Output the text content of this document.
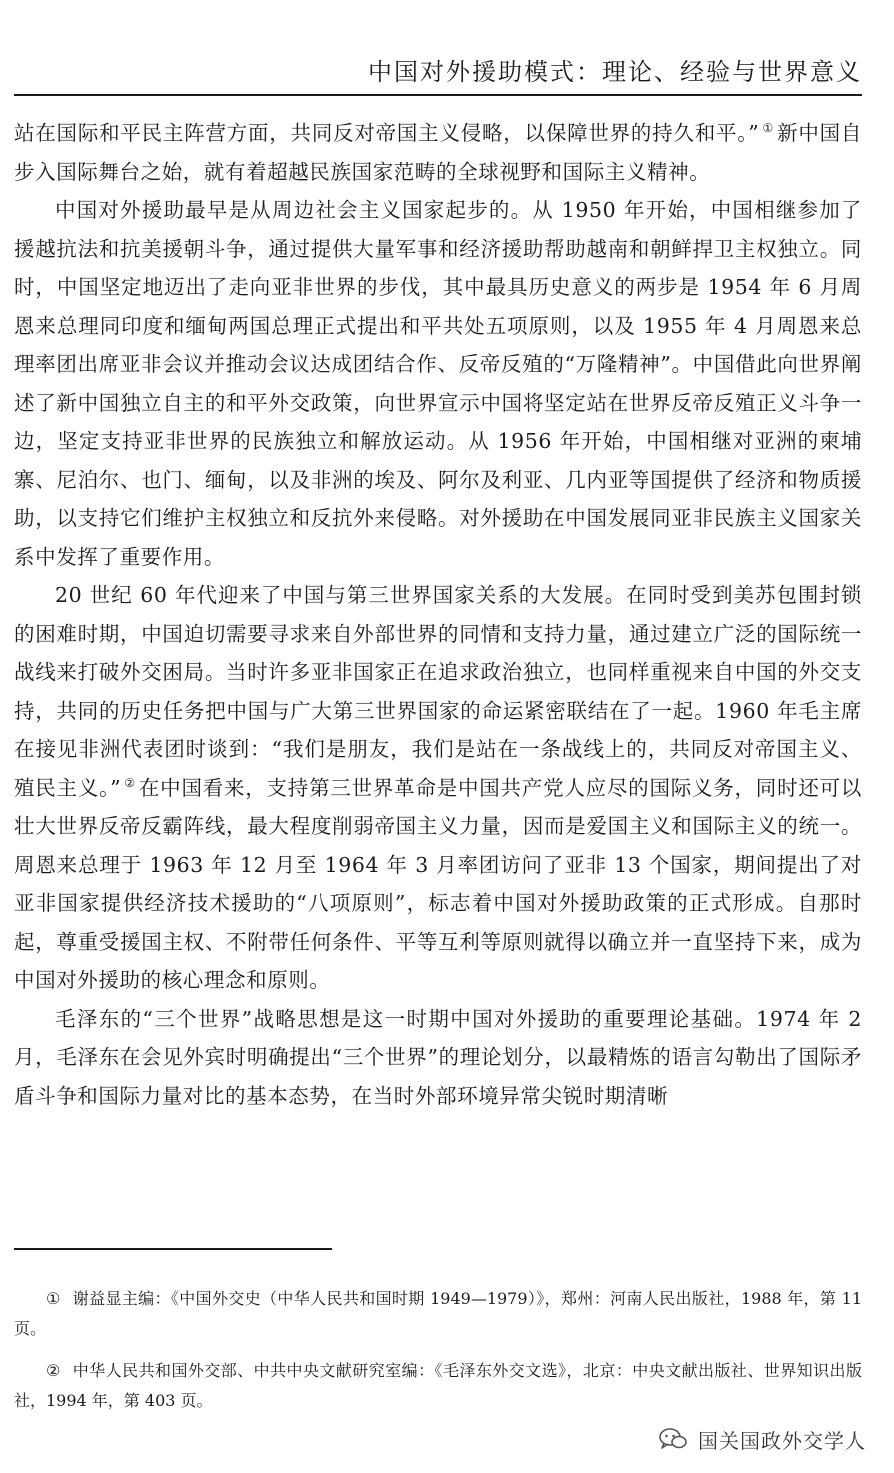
中国对外援助模式：理论、经验与世界意义

站在国际和平民主阵营方面，共同反对帝国主义侵略，以保障世界的持久和平。” ① 新中国自步入国际舞台之始，就有着超越民族国家范畴的全球视野和国际主义精神。

中国对外援助最早是从周边社会主义国家起步的。从 1950 年开始，中国相继参加了援越抗法和抗美援朝斗争，通过提供大量军事和经济援助帮助越南和朝鲜捍卫主权独立。同时，中国坚定地迈出了走向亚非世界的步伐，其中最具历史意义的两步是 1954 年 6 月周恩来总理同印度和缅甸两国总理正式提出和平共处五项原则，以及 1955 年 4 月周恩来总理率团出席亚非会议并推动会议达成团结合作、反帝反殖的“万隆精神”。中国借此向世界阐述了新中国独立自主的和平外交政策，向世界宣示中国将坚定站在世界反帝反殖正义斗争一边，坚定支持亚非世界的民族独立和解放运动。从 1956 年开始，中国相继对亚洲的柬埔寨、尼泊尔、也门、缅甸，以及非洲的埃及、阿尔及利亚、几内亚等国提供了经济和物质援助，以支持它们维护主权独立和反抗外来侵略。对外援助在中国发展同亚非民族主义国家关系中发挥了重要作用。

20 世纪 60 年代迎来了中国与第三世界国家关系的大发展。在同时受到美苏包围封锁的困难时期，中国迫切需要寻求来自外部世界的同情和支持力量，通过建立广泛的国际统一战线来打破外交困局。当时许多亚非国家正在追求政治独立，也同样重视来自中国的外交支持，共同的历史任务把中国与广大第三世界国家的命运紧密联结在了一起。1960 年毛主席在接见非洲代表团时谈到：“我们是朋友，我们是站在一条战线上的，共同反对帝国主义、殖民主义。” ② 在中国看来，支持第三世界革命是中国共产党人应尽的国际义务，同时还可以壮大世界反帝反霸阵线，最大程度削弱帝国主义力量，因而是爱国主义和国际主义的统一。周恩来总理于 1963 年 12 月至 1964 年 3 月率团访问了亚非 13 个国家，期间提出了对亚非国家提供经济技术援助的“八项原则”，标志着中国对外援助政策的正式形成。自那时起，尊重受援国主权、不附带任何条件、平等互利等原则就得以确立并一直坚持下来，成为中国对外援助的核心理念和原则。

毛泽东的“三个世界”战略思想是这一时期中国对外援助的重要理论基础。1974 年 2 月，毛泽东在会见外宾时明确提出“三个世界”的理论划分，以最精炼的语言勾勒出了国际矛盾斗争和国际力量对比的基本态势，在当时外部环境异常尖锐时期清晰

① 谢益显主编：《中国外交史（中华人民共和国时期 1949—1979）》，郑州：河南人民出版社，1988 年，第 11 页。

② 中华人民共和国外交部、中共中央文献研究室编：《毛泽东外交文选》，北京：中央文献出版社、世界知识出版社，1994 年，第 403 页。

国关国政外交学人
